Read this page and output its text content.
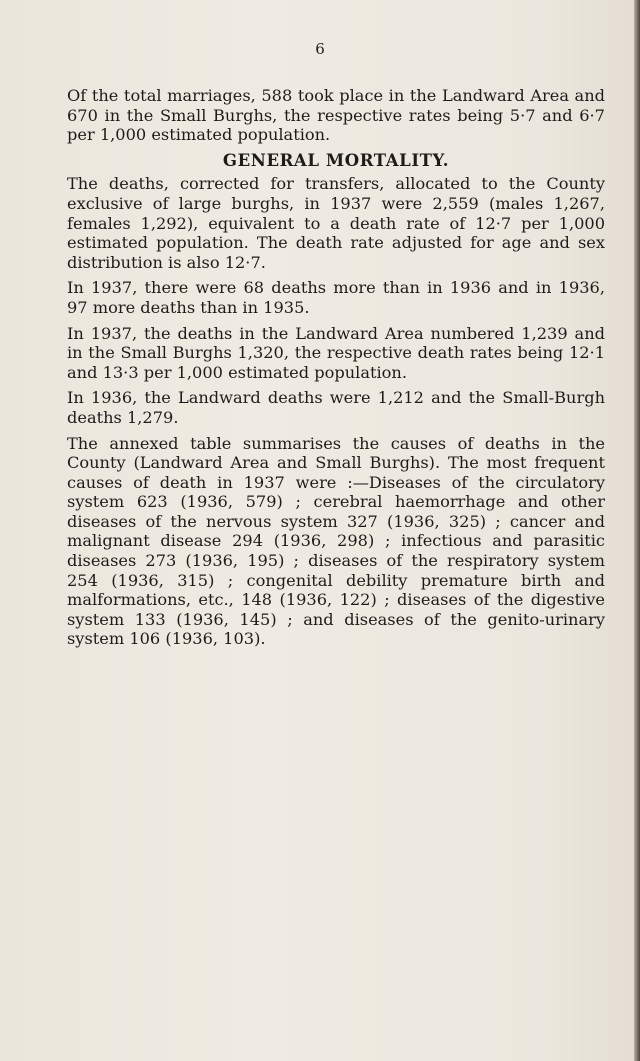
6

Of the total marriages, 588 took place in the Landward Area and 670 in the Small Burghs, the respective rates being 5·7 and 6·7 per 1,000 estimated population.

GENERAL MORTALITY.

The deaths, corrected for transfers, allocated to the County exclusive of large burghs, in 1937 were 2,559 (males 1,267, females 1,292), equivalent to a death rate of 12·7 per 1,000 estimated population. The death rate adjusted for age and sex distribution is also 12·7.

In 1937, there were 68 deaths more than in 1936 and in 1936, 97 more deaths than in 1935.

In 1937, the deaths in the Landward Area numbered 1,239 and in the Small Burghs 1,320, the respective death rates being 12·1 and 13·3 per 1,000 estimated population.

In 1936, the Landward deaths were 1,212 and the Small-Burgh deaths 1,279.

The annexed table summarises the causes of deaths in the County (Landward Area and Small Burghs). The most frequent causes of death in 1937 were :—Diseases of the circulatory system 623 (1936, 579) ; cerebral haemorrhage and other diseases of the nervous system 327 (1936, 325) ; cancer and malignant disease 294 (1936, 298) ; infectious and parasitic diseases 273 (1936, 195) ; diseases of the respiratory system 254 (1936, 315) ; congenital debility premature birth and malformations, etc., 148 (1936, 122) ; diseases of the digestive system 133 (1936, 145) ; and diseases of the genito-urinary system 106 (1936, 103).
